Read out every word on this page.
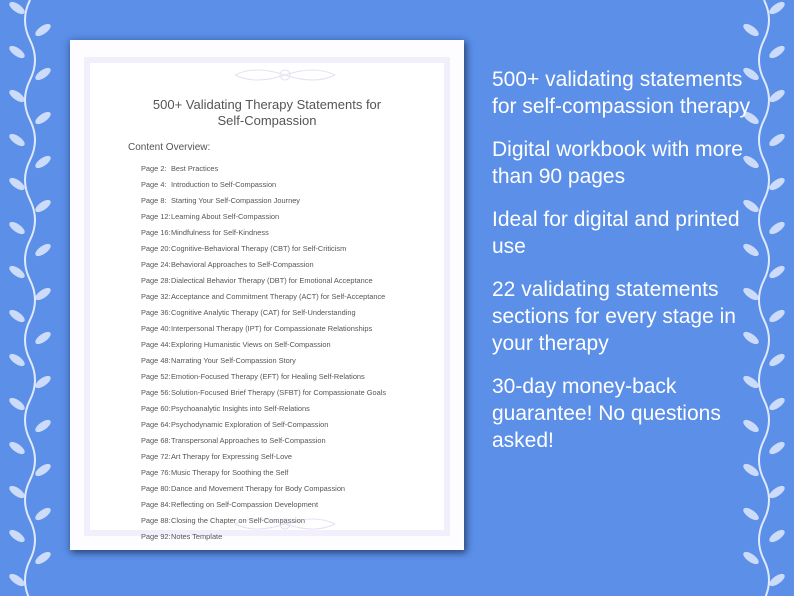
500+ Validating Therapy Statements for
Self-Compassion
Content Overview:
Page 2: Best Practices
Page 4: Introduction to Self-Compassion
Page 8: Starting Your Self-Compassion Journey
Page 12:Learning About Self-Compassion
Page 16:Mindfulness for Self-Kindness
Page 20:Cognitive-Behavioral Therapy (CBT) for Self-Criticism
Page 24:Behavioral Approaches to Self-Compassion
Page 28:Dialectical Behavior Therapy (DBT) for Emotional Acceptance
Page 32:Acceptance and Commitment Therapy (ACT) for Self-Acceptance
Page 36:Cognitive Analytic Therapy (CAT) for Self-Understanding
Page 40:Interpersonal Therapy (IPT) for Compassionate Relationships
Page 44:Exploring Humanistic Views on Self-Compassion
Page 48:Narrating Your Self-Compassion Story
Page 52:Emotion-Focused Therapy (EFT) for Healing Self-Relations
Page 56:Solution-Focused Brief Therapy (SFBT) for Compassionate Goals
Page 60:Psychoanalytic Insights into Self-Relations
Page 64:Psychodynamic Exploration of Self-Compassion
Page 68:Transpersonal Approaches to Self-Compassion
Page 72:Art Therapy for Expressing Self-Love
Page 76:Music Therapy for Soothing the Self
Page 80:Dance and Movement Therapy for Body Compassion
Page 84:Reflecting on Self-Compassion Development
Page 88:Closing the Chapter on Self-Compassion
Page 92:Notes Template
500+ validating statements for self-compassion therapy
Digital workbook with more than 90 pages
Ideal for digital and printed use
22 validating statements sections for every stage in your therapy
30-day money-back guarantee! No questions asked!
